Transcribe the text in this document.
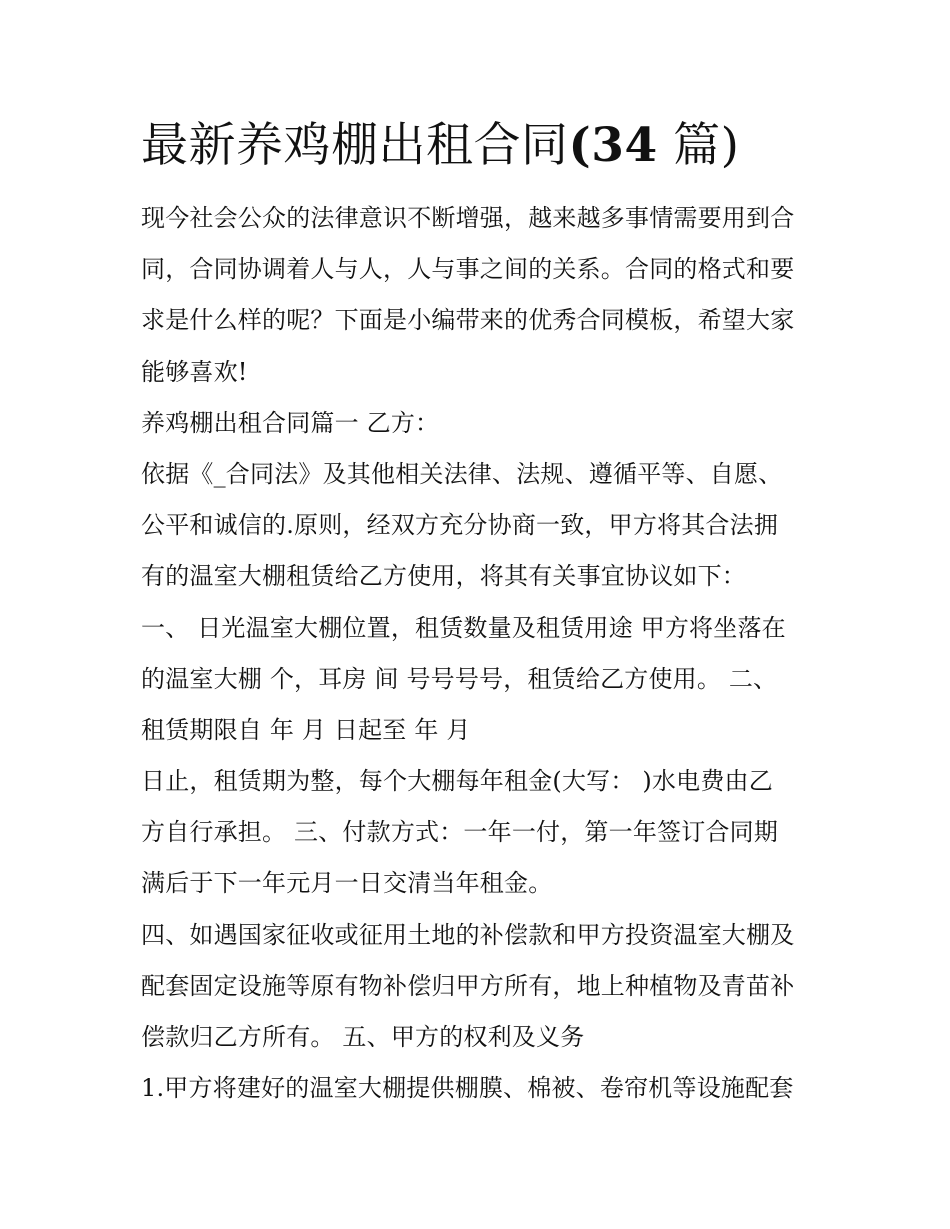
最新养鸡棚出租合同(34 篇)
现今社会公众的法律意识不断增强，越来越多事情需要用到合
同，合同协调着人与人，人与事之间的关系。合同的格式和要
求是什么样的呢？下面是小编带来的优秀合同模板，希望大家
能够喜欢!
养鸡棚出租合同篇一 乙方：
依据《_合同法》及其他相关法律、法规、遵循平等、自愿、
公平和诚信的.原则，经双方充分协商一致，甲方将其合法拥
有的温室大棚租赁给乙方使用，将其有关事宜协议如下：
一、 日光温室大棚位置，租赁数量及租赁用途 甲方将坐落在
的温室大棚 个，耳房 间 号号号号，租赁给乙方使用。 二、
租赁期限自 年 月 日起至 年 月
日止，租赁期为整，每个大棚每年租金(大写： )水电费由乙
方自行承担。 三、付款方式：一年一付，第一年签订合同期
满后于下一年元月一日交清当年租金。
四、如遇国家征收或征用土地的补偿款和甲方投资温室大棚及
配套固定设施等原有物补偿归甲方所有，地上种植物及青苗补
偿款归乙方所有。 五、甲方的权利及义务
1.甲方将建好的温室大棚提供棚膜、棉被、卷帘机等设施配套
